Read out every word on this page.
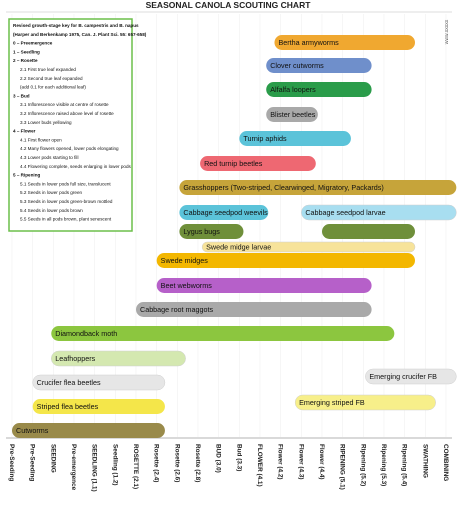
SEASONAL CANOLA SCOUTING CHART
www.xxxxx
Bertha armyworms
Clover cutworms
Alfalfa loopers
Blister beetles
Turnip aphids
Red turnip beetles
Grasshoppers (Two-striped, Clearwinged, Migratory, Packards)
Cabbage seedpod weevils	Cabbage seedpod larvae
Lygus bugs
Swede midge larvae
Swede midges
Beet webworms
Cabbage root maggots
Diamondback moth
Leafhoppers
Emerging crucifer FB
Crucifer flea beetles
Emerging striped FB
Striped flea beetles
Cutworms
Pre-Seeding Pre-Seeding SEEDING Pre-emergence SEEDLING (1.1) Seedling (1.2) ROSETTE (2.1) Rosette (2.4) Rosette (2.6) Rosette (2.8) BUD (3.0) Bud (3.3) FLOWER (4.1) Flower (4.2) Flower (4.3) Flower (4.4) RIPENING (5.1) Ripening (5.2) Ripening (5.3) Ripening (5.4) SWATHING COMBINING
Revised growth-stage key for B. campestris and B. napus
(Harper and Berkenkamp 1975, Can. J. Plant Sci. 55: 657-658)
0 – Preemergence
1 – Seedling
2 – Rosette
2.1 First true leaf expanded
2.2 Second true leaf expanded
(add 0.1 for each additional leaf)
3 – Bud
3.1 Inflorescence visible at centre of rosette
3.2 Inflorescence raised above level of rosette
3.3 Lower buds yellowing
4 – Flower
4.1 First flower open
4.2 Many flowers opened, lower pods elongating
4.3 Lower pods starting to fill
4.4 Flowering complete, seeds enlarging in lower pods
5 – Ripening
5.1 Seeds in lower pods full size, translucent
5.2 Seeds in lower pods green
5.3 Seeds in lower pods green-brown mottled
5.4 Seeds in lower pods brown
5.5 Seeds in all pods brown, plant senescent
